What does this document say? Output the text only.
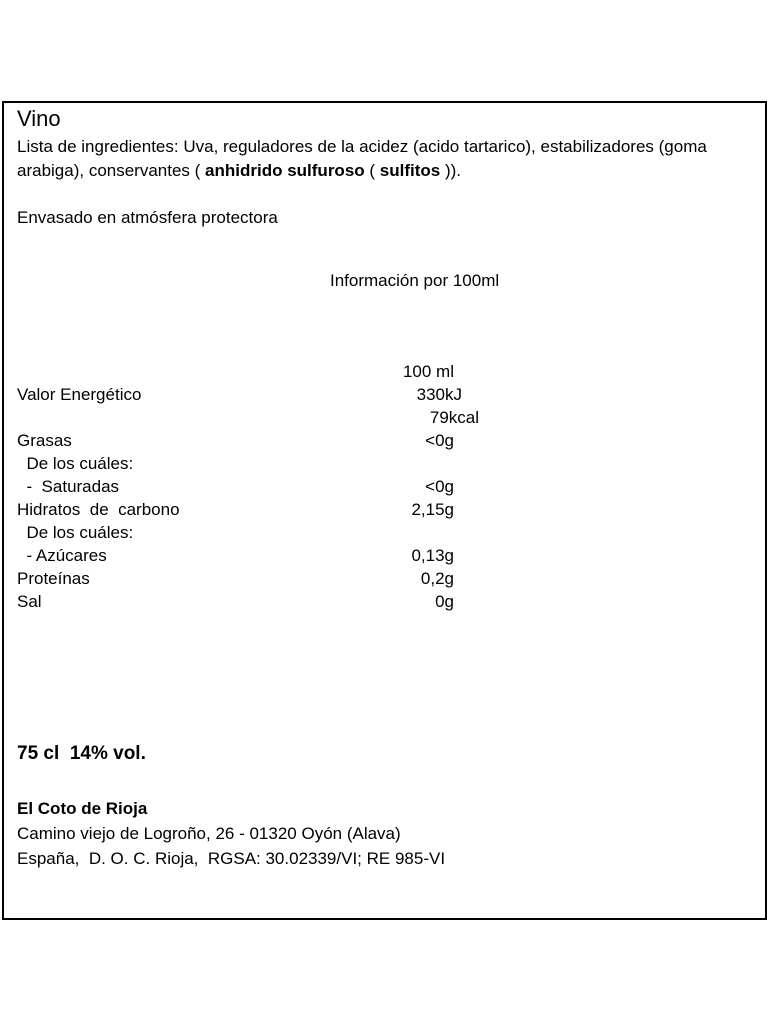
Vino
Lista de ingredientes: Uva, reguladores de la acidez (acido tartarico), estabilizadores (goma arabiga), conservantes ( anhidrido sulfuroso ( sulfitos )).
Envasado en atmósfera protectora
Información por 100ml
100 ml
Valor Energético	330kJ
79kcal
Grasas	<0g
De los cuáles:
-  Saturadas	<0g
Hidratos  de  carbono	2,15g
De los cuáles:
- Azúcares	0,13g
Proteínas	0,2g
Sal	0g
75 cl  14% vol.
El Coto de Rioja
Camino viejo de Logroño, 26 - 01320 Oyón (Alava)
España,  D. O. C. Rioja,  RGSA: 30.02339/VI; RE 985-VI
